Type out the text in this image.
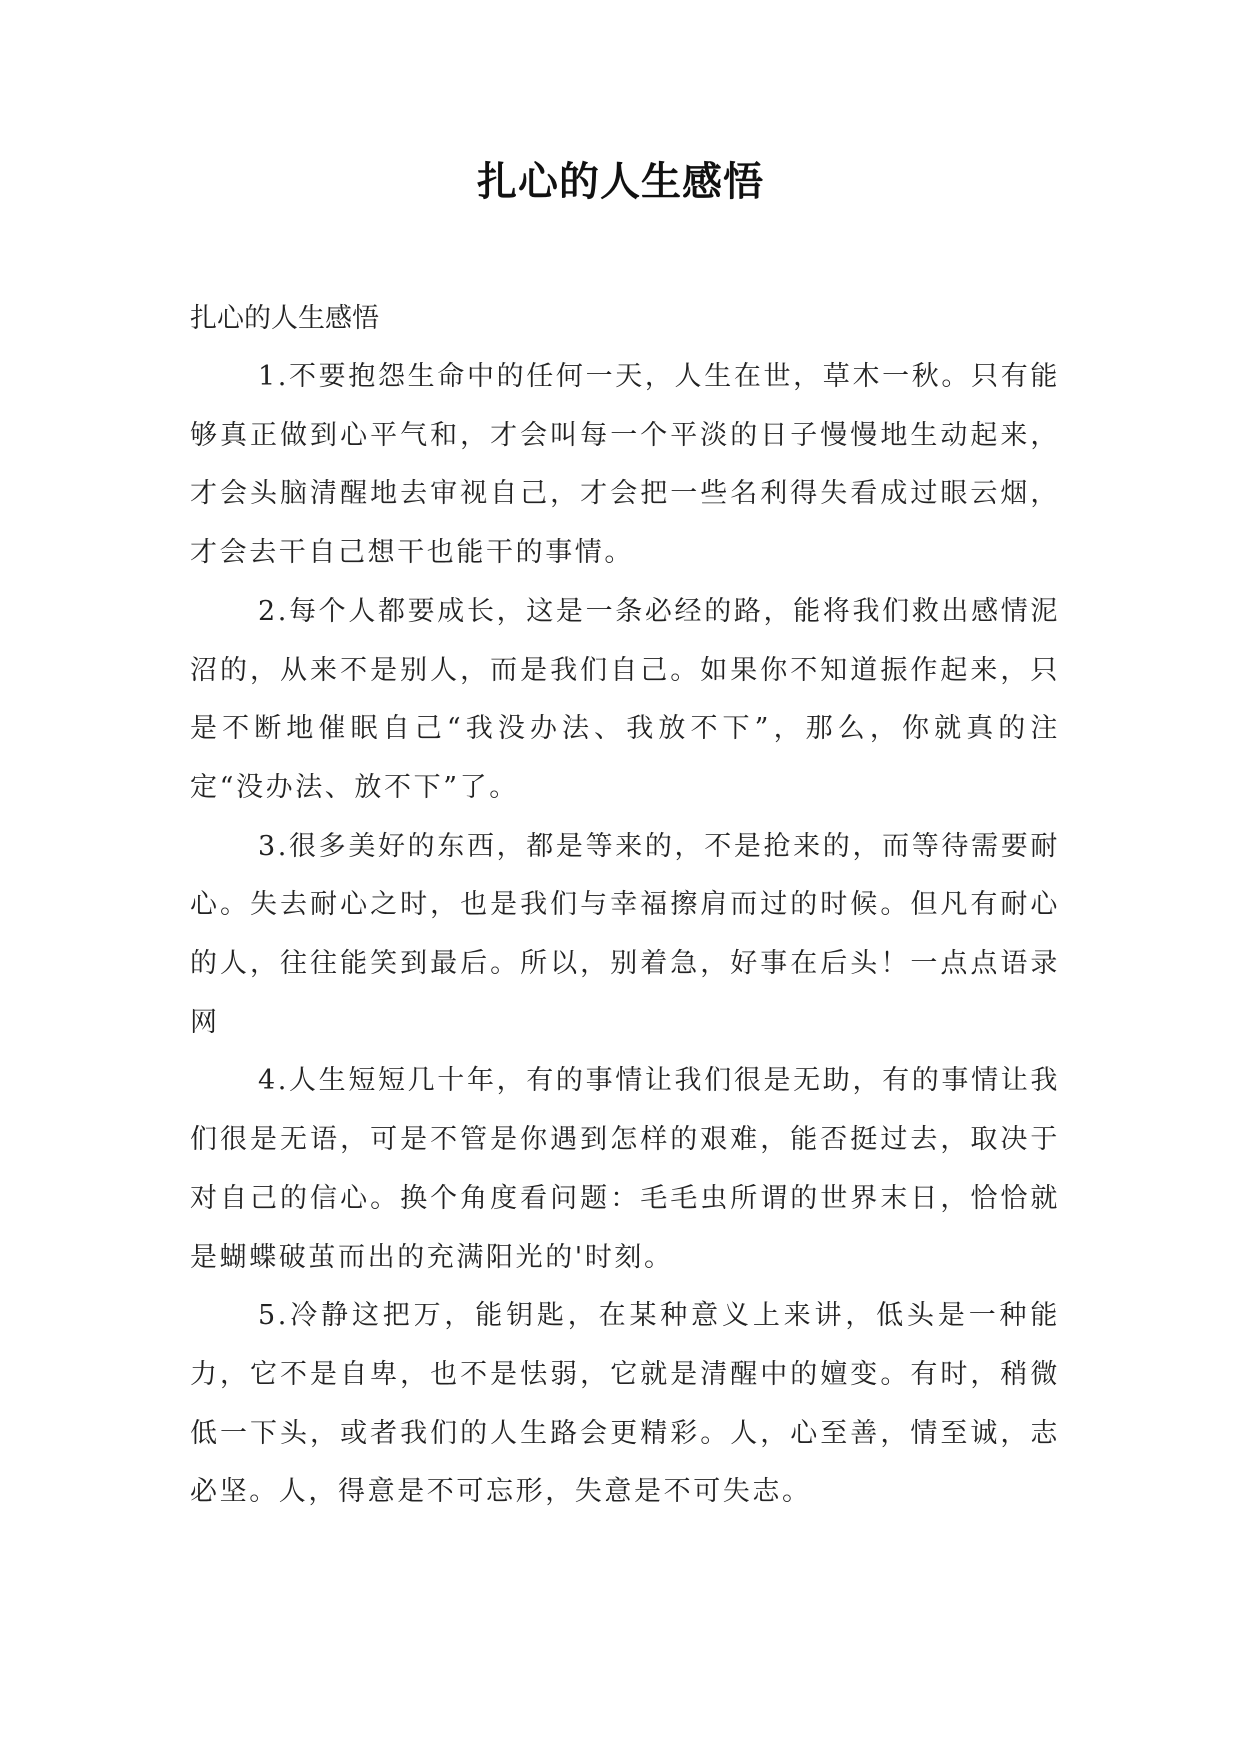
扎心的人生感悟

扎心的人生感悟

1.不要抱怨生命中的任何一天，人生在世，草木一秋。只有能够真正做到心平气和，才会叫每一个平淡的日子慢慢地生动起来，才会头脑清醒地去审视自己，才会把一些名利得失看成过眼云烟，才会去干自己想干也能干的事情。

2.每个人都要成长，这是一条必经的路，能将我们救出感情泥沼的，从来不是别人，而是我们自己。如果你不知道振作起来，只是不断地催眠自己“我没办法、我放不下”，那么，你就真的注定“没办法、放不下”了。

3.很多美好的东西，都是等来的，不是抢来的，而等待需要耐心。失去耐心之时，也是我们与幸福擦肩而过的时候。但凡有耐心的人，往往能笑到最后。所以，别着急，好事在后头！一点点语录网

4.人生短短几十年，有的事情让我们很是无助，有的事情让我们很是无语，可是不管是你遇到怎样的艰难，能否挺过去，取决于对自己的信心。换个角度看问题：毛毛虫所谓的世界末日，恰恰就是蝴蝶破茧而出的充满阳光的'时刻。

5.冷静这把万，能钥匙，在某种意义上来讲，低头是一种能力，它不是自卑，也不是怯弱，它就是清醒中的嬗变。有时，稍微低一下头，或者我们的人生路会更精彩。人，心至善，情至诚，志必坚。人，得意是不可忘形，失意是不可失志。
